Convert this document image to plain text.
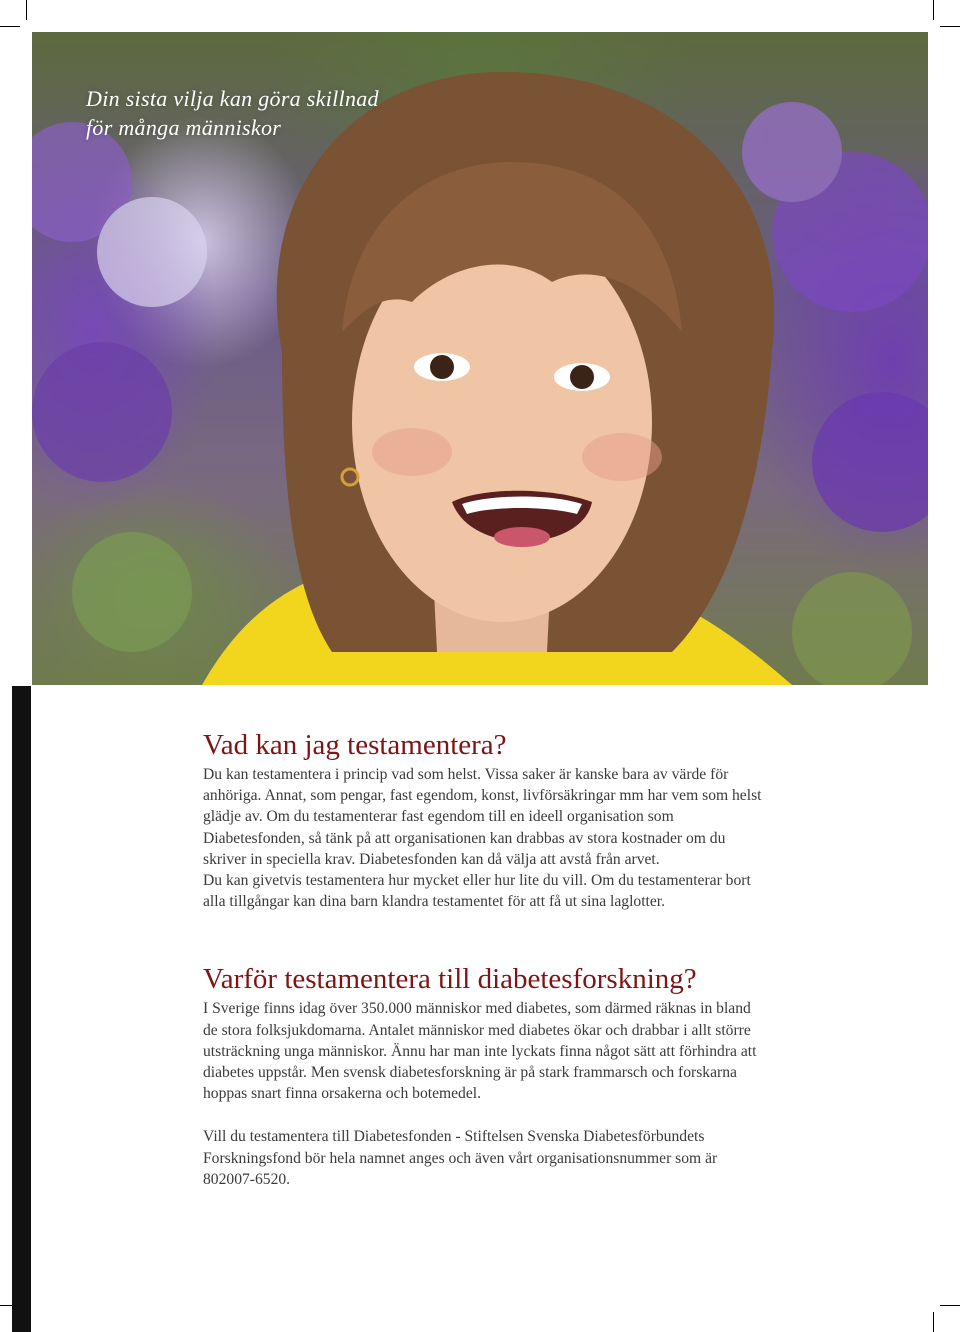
Din sista vilja kan göra skillnad
för många människor
Vad kan jag testamentera?

Du kan testamentera i princip vad som helst. Vissa saker är kanske bara av värde för anhöriga. Annat, som pengar, fast egendom, konst, livförsäkringar mm har vem som helst glädje av. Om du testamenterar fast egendom till en ideell organisation som Diabetesfonden, så tänk på att organisationen kan drabbas av stora kostnader om du skriver in speciella krav. Diabetesfonden kan då välja att avstå från arvet.

Du kan givetvis testamentera hur mycket eller hur lite du vill. Om du testamenterar bort alla tillgångar kan dina barn klandra testamentet för att få ut sina laglotter.

Varför testamentera till diabetesforskning?

I Sverige finns idag över 350.000 människor med diabetes, som därmed räknas in bland de stora folksjukdomarna. Antalet människor med diabetes ökar och drabbar i allt större utsträckning unga människor. Ännu har man inte lyckats finna något sätt att förhindra att diabetes uppstår. Men svensk diabetesforskning är på stark frammarsch och forskarna hoppas snart finna orsakerna och botemedel.

Vill du testamentera till Diabetesfonden - Stiftelsen Svenska Diabetesförbundets Forskningsfond bör hela namnet anges och även vårt organisationsnummer som är 802007-6520.
